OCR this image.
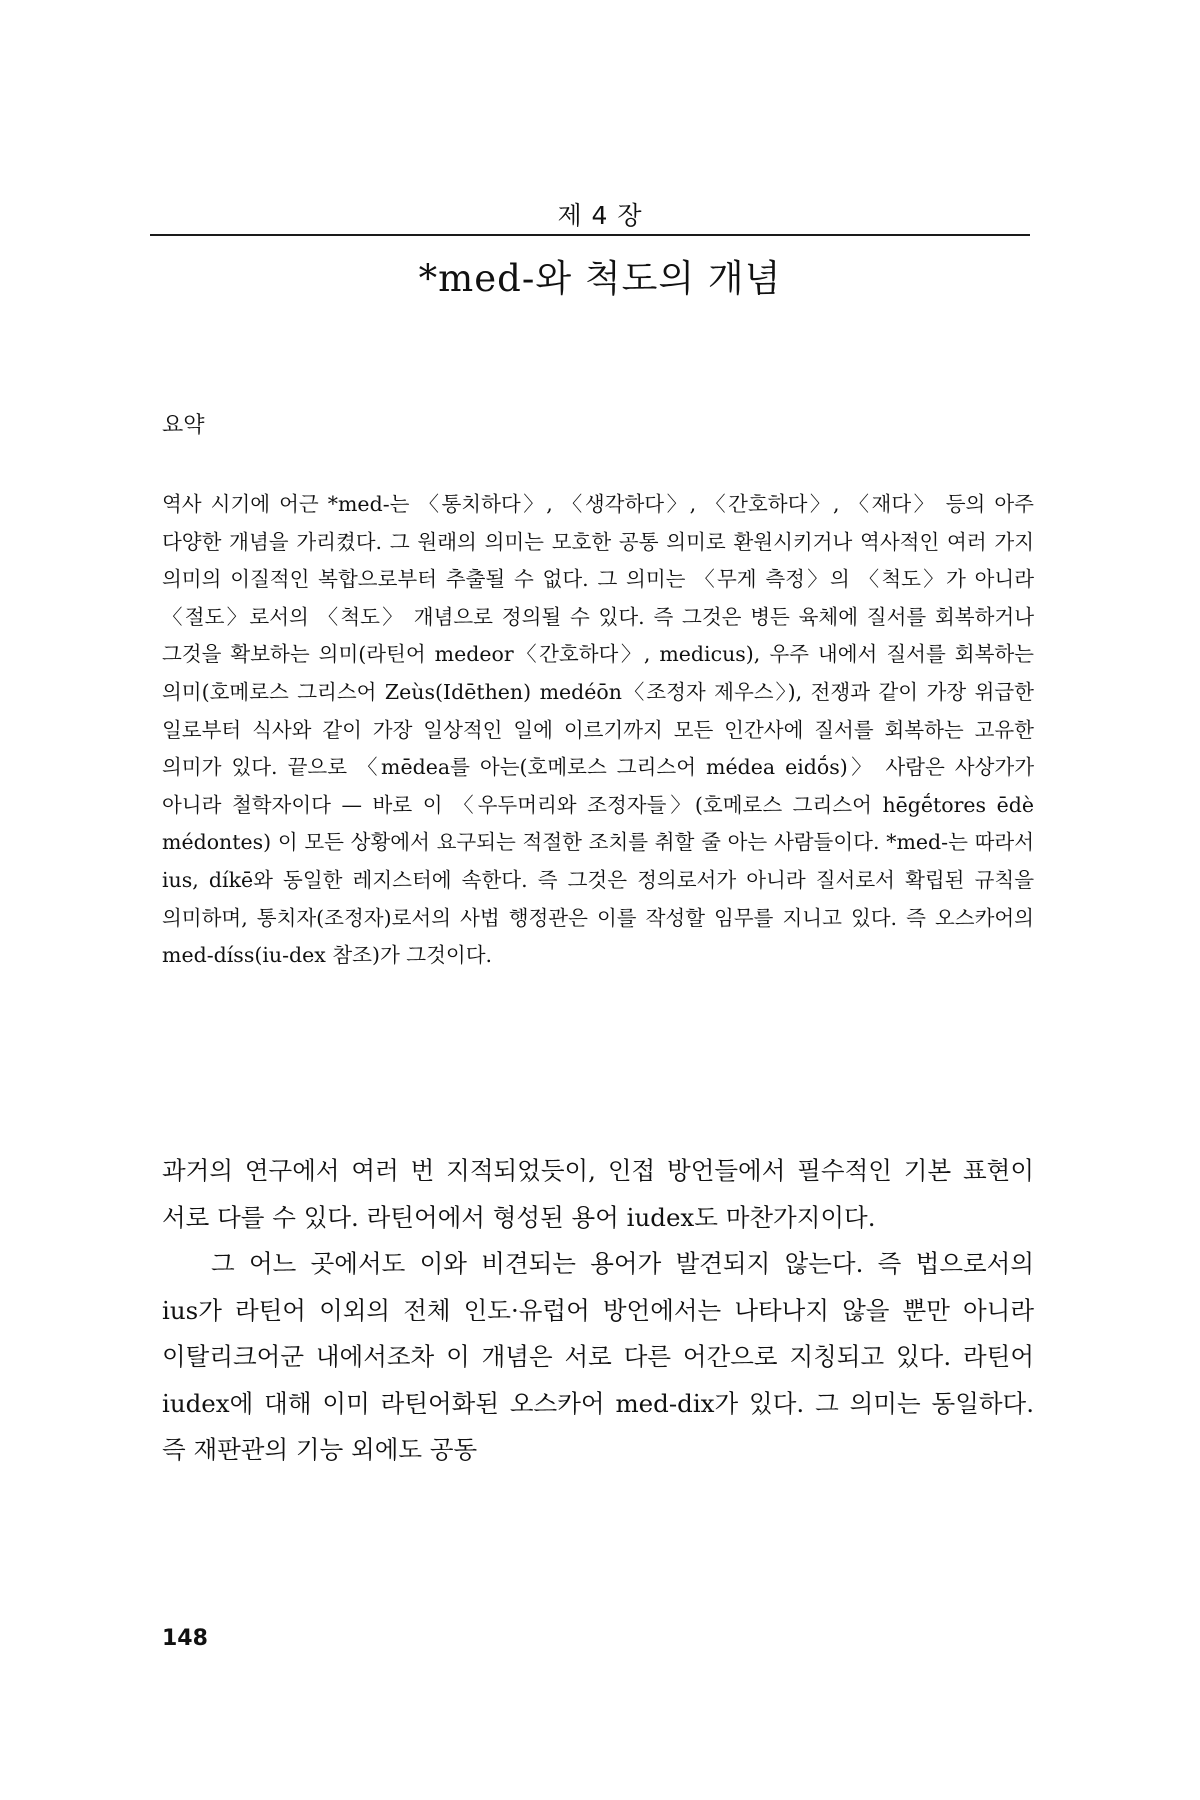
제 4 장
*med-와 척도의 개념
요약
역사 시기에 어근 *med-는 〈통치하다〉, 〈생각하다〉, 〈간호하다〉, 〈재다〉 등의 아주 다양한 개념을 가리켰다. 그 원래의 의미는 모호한 공통 의미로 환원시키거나 역사적인 여러 가지 의미의 이질적인 복합으로부터 추출될 수 없다. 그 의미는 〈무게 측정〉의 〈척도〉가 아니라 〈절도〉로서의 〈척도〉 개념으로 정의될 수 있다. 즉 그것은 병든 육체에 질서를 회복하거나 그것을 확보하는 의미(라틴어 medeor〈간호하다〉, medicus), 우주 내에서 질서를 회복하는 의미(호메로스 그리스어 Zeùs(Idēthen) medéōn〈조정자 제우스〉), 전쟁과 같이 가장 위급한 일로부터 식사와 같이 가장 일상적인 일에 이르기까지 모든 인간사에 질서를 회복하는 고유한 의미가 있다. 끝으로 〈mēdea를 아는(호메로스 그리스어 médea eidṓs)〉 사람은 사상가가 아니라 철학자이다 — 바로 이 〈우두머리와 조정자들〉(호메로스 그리스어 hēgḗtores ēdè médontes) 이 모든 상황에서 요구되는 적절한 조치를 취할 줄 아는 사람들이다. *med-는 따라서 ius, díkē와 동일한 레지스터에 속한다. 즉 그것은 정의로서가 아니라 질서로서 확립된 규칙을 의미하며, 통치자(조정자)로서의 사법 행정관은 이를 작성할 임무를 지니고 있다. 즉 오스카어의 med-díss(iu-dex 참조)가 그것이다.

과거의 연구에서 여러 번 지적되었듯이, 인접 방언들에서 필수적인 기본 표현이 서로 다를 수 있다. 라틴어에서 형성된 용어 iudex도 마찬가지이다.

그 어느 곳에서도 이와 비견되는 용어가 발견되지 않는다. 즉 법으로서의 ius가 라틴어 이외의 전체 인도·유럽어 방언에서는 나타나지 않을 뿐만 아니라 이탈리크어군 내에서조차 이 개념은 서로 다른 어간으로 지칭되고 있다. 라틴어 iudex에 대해 이미 라틴어화된 오스카어 med-dix가 있다. 그 의미는 동일하다. 즉 재판관의 기능 외에도 공동

148
